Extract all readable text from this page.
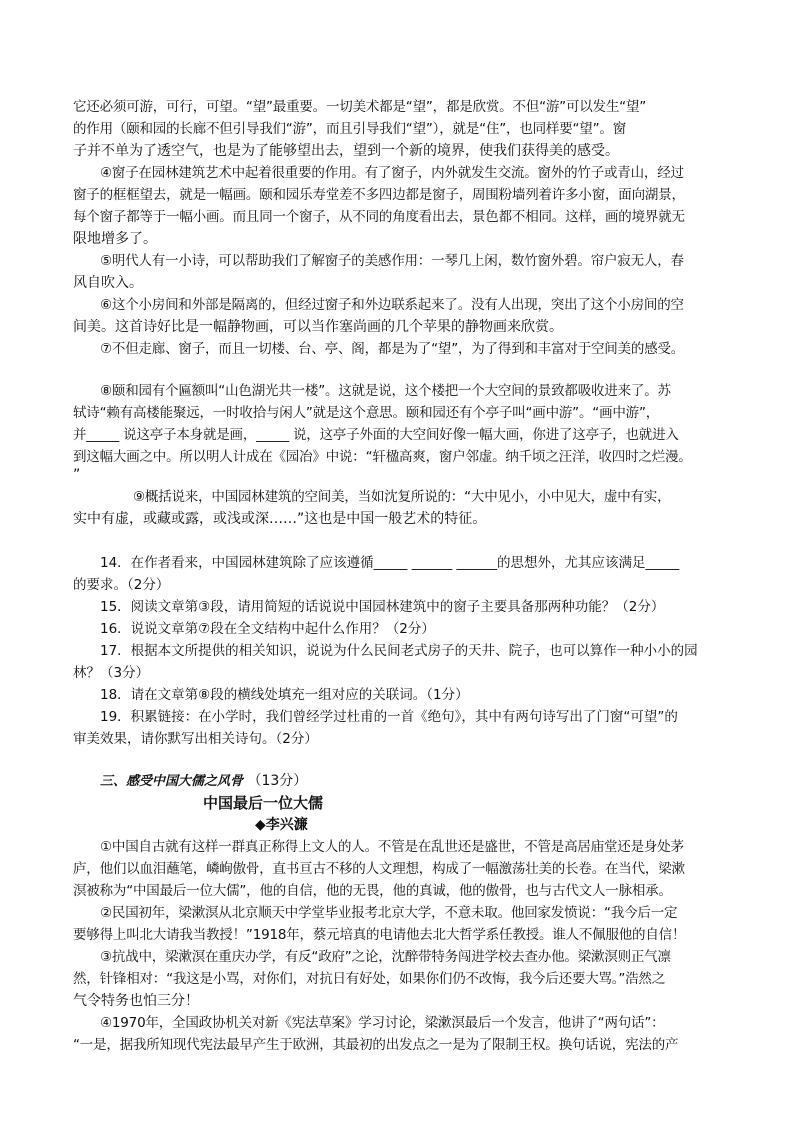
它还必须可游，可行，可望。“望”最重要。一切美术都是“望”，都是欣赏。不但“游”可以发生“望”
的作用（颐和园的长廊不但引导我们“游”，而且引导我们“望”），就是“住”，也同样要“望”。窗
子并不单为了透空气，也是为了能够望出去，望到一个新的境界，使我们获得美的感受。
④窗子在园林建筑艺术中起着很重要的作用。有了窗子，内外就发生交流。窗外的竹子或青山，经过
窗子的框框望去，就是一幅画。颐和园乐寿堂差不多四边都是窗子，周围粉墙列着许多小窗，面向湖景，
每个窗子都等于一幅小画。而且同一个窗子，从不同的角度看出去，景色都不相同。这样，画的境界就无
限地增多了。
⑤明代人有一小诗，可以帮助我们了解窗子的美感作用：一琴几上闲，数竹窗外碧。帘户寂无人，春
风自吹入。
⑥这个小房间和外部是隔离的，但经过窗子和外边联系起来了。没有人出现，突出了这个小房间的空
间美。这首诗好比是一幅静物画，可以当作塞尚画的几个苹果的静物画来欣赏。
⑦不但走廊、窗子，而且一切楼、台、亭、阁，都是为了“望”，为了得到和丰富对于空间美的感受。
⑧颐和园有个匾额叫“山色湖光共一楼”。这就是说，这个楼把一个大空间的景致都吸收进来了。苏
轼诗“赖有高楼能聚远，一时收拾与闲人”就是这个意思。颐和园还有个亭子叫“画中游”。“画中游”，
并_____ 说这亭子本身就是画，_____ 说，这亭子外面的大空间好像一幅大画，你进了这亭子，也就进入
到这幅大画之中。所以明人计成在《园冶》中说：“轩楹高爽，窗户邻虚。纳千顷之汪洋，收四时之烂漫。
”
⑨概括说来，中国园林建筑的空间美，当如沈复所说的：“大中见小，小中见大，虚中有实，
实中有虚，或藏或露，或浅或深……”这也是中国一般艺术的特征。
14．在作者看来，中国园林建筑除了应该遵循_____ ______ ______的思想外，尤其应该满足_____
的要求。（2分）
15．阅读文章第③段，请用简短的话说说中国园林建筑中的窗子主要具备那两种功能？（2分）
16．说说文章第⑦段在全文结构中起什么作用？（2分）
17．根据本文所提供的相关知识，说说为什么民间老式房子的天井、院子，也可以算作一种小小的园
林？（3分）
18．请在文章第⑧段的横线处填充一组对应的关联词。（1分）
19．积累链接：在小学时，我们曾经学过杜甫的一首《绝句》，其中有两句诗写出了门窗“可望”的
审美效果，请你默写出相关诗句。（2分）
三、感受中国大儒之风骨 （13分）
中国最后一位大儒
◆李兴濂
①中国自古就有这样一群真正称得上文人的人。不管是在乱世还是盛世，不管是高居庙堂还是身处茅
庐，他们以血泪蘸笔，嶙峋傲骨，直书亘古不移的人文理想，构成了一幅激荡壮美的长卷。在当代，梁漱
溟被称为“中国最后一位大儒”，他的自信，他的无畏，他的真诚，他的傲骨，也与古代文人一脉相承。
②民国初年，梁漱溟从北京顺天中学堂毕业报考北京大学，不意未取。他回家发愤说：“我今后一定
要够得上叫北大请我当教授！”1918年，蔡元培真的电请他去北大哲学系任教授。谁人不佩服他的自信！
③抗战中，梁漱溟在重庆办学，有反“政府”之论，沈醉带特务闯进学校去查办他。梁漱溟则正气凛
然，针锋相对：“我这是小骂，对你们，对抗日有好处，如果你们仍不改悔，我今后还要大骂。”浩然之
气令特务也怕三分！
④1970年，全国政协机关对新《宪法草案》学习讨论，梁漱溟最后一个发言，他讲了“两句话”：
“一是，据我所知现代宪法最早产生于欧洲，其最初的出发点之一是为了限制王权。换句话说，宪法的产
